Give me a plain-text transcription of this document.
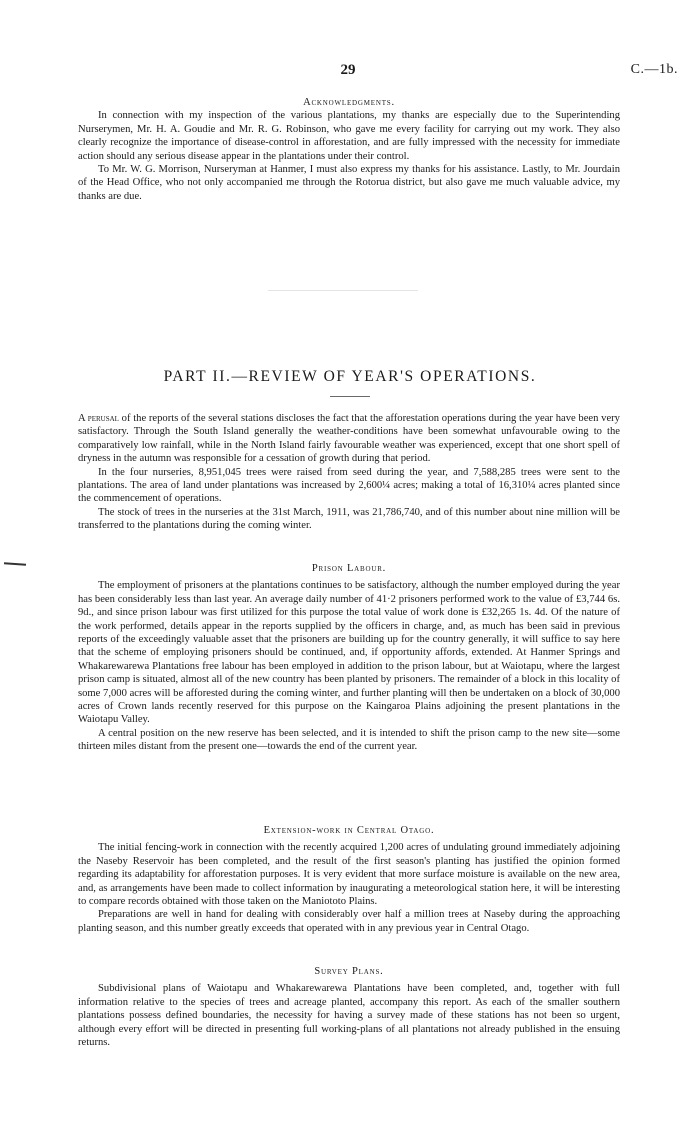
29	C.—1b.
Acknowledgments.

In connection with my inspection of the various plantations, my thanks are especially due to the Superintending Nurserymen, Mr. H. A. Goudie and Mr. R. G. Robinson, who gave me every facility for carrying out my work. They also clearly recognize the importance of disease-control in afforestation, and are fully impressed with the necessity for immediate action should any serious disease appear in the plantations under their control.

To Mr. W. G. Morrison, Nurseryman at Hanmer, I must also express my thanks for his assistance. Lastly, to Mr. Jourdain of the Head Office, who not only accompanied me through the Rotorua district, but also gave me much valuable advice, my thanks are due.

PART II.—REVIEW OF YEAR'S OPERATIONS.

A perusal of the reports of the several stations discloses the fact that the afforestation operations during the year have been very satisfactory. Through the South Island generally the weather-conditions have been somewhat unfavourable owing to the comparatively low rainfall, while in the North Island fairly favourable weather was experienced, except that one short spell of dryness in the autumn was responsible for a cessation of growth during that period.

In the four nurseries, 8,951,045 trees were raised from seed during the year, and 7,588,285 trees were sent to the plantations. The area of land under plantations was increased by 2,600¼ acres; making a total of 16,310¼ acres planted since the commencement of operations.

The stock of trees in the nurseries at the 31st March, 1911, was 21,786,740, and of this number about nine million will be transferred to the plantations during the coming winter.

Prison Labour.

The employment of prisoners at the plantations continues to be satisfactory, although the number employed during the year has been considerably less than last year. An average daily number of 41·2 prisoners performed work to the value of £3,744 6s. 9d., and since prison labour was first utilized for this purpose the total value of work done is £32,265 1s. 4d. Of the nature of the work performed, details appear in the reports supplied by the officers in charge, and, as much has been said in previous reports of the exceedingly valuable asset that the prisoners are building up for the country generally, it will suffice to say here that the scheme of employing prisoners should be continued, and, if opportunity affords, extended. At Hanmer Springs and Whakarewarewa Plantations free labour has been employed in addition to the prison labour, but at Waiotapu, where the largest prison camp is situated, almost all of the new country has been planted by prisoners. The remainder of a block in this locality of some 7,000 acres will be afforested during the coming winter, and further planting will then be undertaken on a block of 30,000 acres of Crown lands recently reserved for this purpose on the Kaingaroa Plains adjoining the present plantations in the Waiotapu Valley.

A central position on the new reserve has been selected, and it is intended to shift the prison camp to the new site—some thirteen miles distant from the present one—towards the end of the current year.

Extension-work in Central Otago.

The initial fencing-work in connection with the recently acquired 1,200 acres of undulating ground immediately adjoining the Naseby Reservoir has been completed, and the result of the first season's planting has justified the opinion formed regarding its adaptability for afforestation purposes. It is very evident that more surface moisture is available on the new area, and, as arrangements have been made to collect information by inaugurating a meteorological station here, it will be interesting to compare records obtained with those taken on the Maniototo Plains.

Preparations are well in hand for dealing with considerably over half a million trees at Naseby during the approaching planting season, and this number greatly exceeds that operated with in any previous year in Central Otago.

Survey Plans.

Subdivisional plans of Waiotapu and Whakarewarewa Plantations have been completed, and, together with full information relative to the species of trees and acreage planted, accompany this report. As each of the smaller southern plantations possess defined boundaries, the necessity for having a survey made of these stations has not been so urgent, although every effort will be directed in presenting full working-plans of all plantations not already published in the ensuing returns.
